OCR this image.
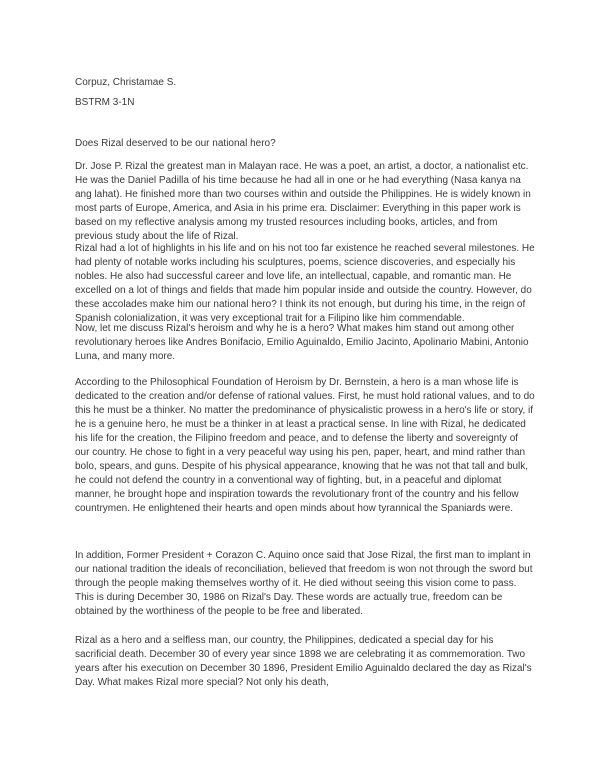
Corpuz, Christamae S.

BSTRM 3-1N

Does Rizal deserved to be our national hero?

Dr. Jose P. Rizal the greatest man in Malayan race. He was a poet, an artist, a doctor, a nationalist etc. He was the Daniel Padilla of his time because he had all in one or he had everything (Nasa kanya na ang lahat). He finished more than two courses within and outside the Philippines. He is widely known in most parts of Europe, America, and Asia in his prime era. Disclaimer: Everything in this paper work is based on my reflective analysis among my trusted resources including books, articles, and from previous study about the life of Rizal.

Rizal had a lot of highlights in his life and on his not too far existence he reached several milestones. He had plenty of notable works including his sculptures, poems, science discoveries, and especially his nobles. He also had successful career and love life, an intellectual, capable, and romantic man. He excelled on a lot of things and fields that made him popular inside and outside the country. However, do these accolades make him our national hero? I think its not enough, but during his time, in the reign of Spanish colonialization, it was very exceptional trait for a Filipino like him commendable.

Now, let me discuss Rizal's heroism and why he is a hero? What makes him stand out among other revolutionary heroes like Andres Bonifacio, Emilio Aguinaldo, Emilio Jacinto, Apolinario Mabini, Antonio Luna, and many more.

According to the Philosophical Foundation of Heroism by Dr. Bernstein, a hero is a man whose life is dedicated to the creation and/or defense of rational values. First, he must hold rational values, and to do this he must be a thinker. No matter the predominance of physicalistic prowess in a hero's life or story, if he is a genuine hero, he must be a thinker in at least a practical sense. In line with Rizal, he dedicated his life for the creation, the Filipino freedom and peace, and to defense the liberty and sovereignty of our country. He chose to fight in a very peaceful way using his pen, paper, heart, and mind rather than bolo, spears, and guns. Despite of his physical appearance, knowing that he was not that tall and bulk, he could not defend the country in a conventional way of fighting, but, in a peaceful and diplomat manner, he brought hope and inspiration towards the revolutionary front of the country and his fellow countrymen. He enlightened their hearts and open minds about how tyrannical the Spaniards were.

In addition, Former President + Corazon C. Aquino once said that Jose Rizal, the first man to implant in our national tradition the ideals of reconciliation, believed that freedom is won not through the sword but through the people making themselves worthy of it. He died without seeing this vision come to pass. This is during December 30, 1986 on Rizal's Day. These words are actually true, freedom can be obtained by the worthiness of the people to be free and liberated.

Rizal as a hero and a selfless man, our country, the Philippines, dedicated a special day for his sacrificial death. December 30 of every year since 1898 we are celebrating it as commemoration. Two years after his execution on December 30 1896, President Emilio Aguinaldo declared the day as Rizal's Day. What makes Rizal more special? Not only his death,
